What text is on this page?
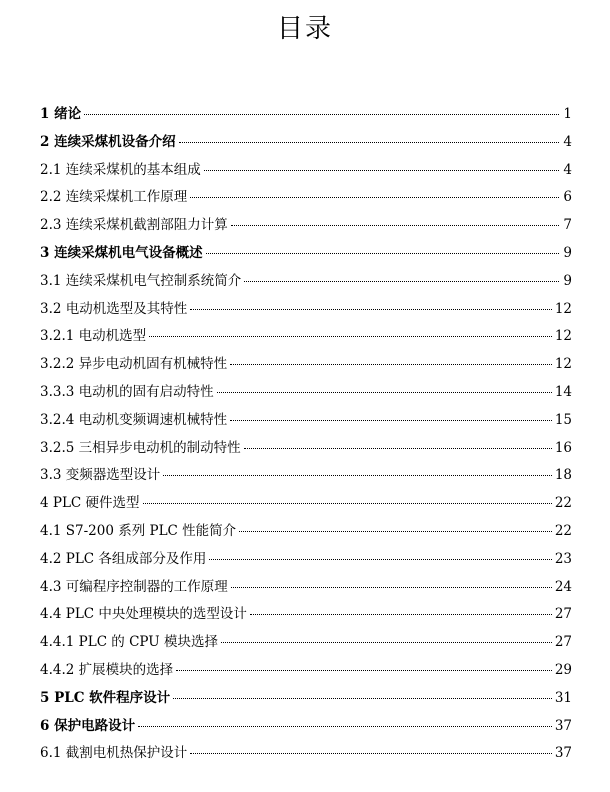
目录
1 绪论	1
2 连续采煤机设备介绍	4
2.1 连续采煤机的基本组成	4
2.2 连续采煤机工作原理	6
2.3 连续采煤机截割部阻力计算	7
3 连续采煤机电气设备概述	9
3.1 连续采煤机电气控制系统简介	9
3.2 电动机选型及其特性	12
3.2.1 电动机选型	12
3.2.2 异步电动机固有机械特性	12
3.3.3 电动机的固有启动特性	14
3.2.4 电动机变频调速机械特性	15
3.2.5 三相异步电动机的制动特性	16
3.3 变频器选型设计	18
4 PLC 硬件选型	22
4.1 S7-200 系列 PLC 性能简介	22
4.2 PLC 各组成部分及作用	23
4.3 可编程序控制器的工作原理	24
4.4 PLC 中央处理模块的选型设计	27
4.4.1 PLC 的 CPU 模块选择	27
4.4.2 扩展模块的选择	29
5 PLC 软件程序设计	31
6 保护电路设计	37
6.1 截割电机热保护设计	37
